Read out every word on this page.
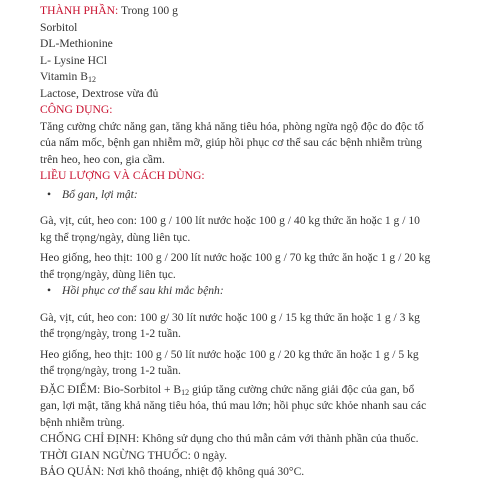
THÀNH PHẦN: Trong 100 g
Sorbitol
DL-Methionine
L- Lysine HCl
Vitamin $B_{12}$
Lactose, Dextrose vừa đủ
CÔNG DỤNG:
Tăng cường chức năng gan, tăng khả năng tiêu hóa, phòng ngừa ngộ độc do độc tố
của nấm mốc, bệnh gan nhiễm mỡ, giúp hồi phục cơ thể sau các bệnh nhiễm trùng
trên heo, heo con, gia cầm.
LIỀU LƯỢNG VÀ CÁCH DÙNG:
• Bổ gan, lợi mật:
Gà, vịt, cút, heo con: 100 g / 100 lít nước hoặc 100 g / 40 kg thức ăn hoặc 1 g / 10
kg thể trọng/ngày, dùng liên tục.
Heo giống, heo thịt: 100 g / 200 lít nước hoặc 100 g / 70 kg thức ăn hoặc 1 g / 20 kg
thể trọng/ngày, dùng liên tục.
• Hồi phục cơ thể sau khi mắc bệnh:
Gà, vịt, cút, heo con: 100 g/ 30 lít nước hoặc 100 g / 15 kg thức ăn hoặc 1 g / 3 kg
thể trọng/ngày, trong 1-2 tuần.
Heo giống, heo thịt: 100 g / 50 lít nước hoặc 100 g / 20 kg thức ăn hoặc 1 g / 5 kg
thể trọng/ngày, trong 1-2 tuần.
ĐẶC ĐIỂM: Bio-Sorbitol + $B_{12}$ giúp tăng cường chức năng giải độc của gan, bổ
gan, lợi mật, tăng khả năng tiêu hóa, thú mau lớn; hồi phục sức khỏe nhanh sau các
bệnh nhiễm trùng.
CHỐNG CHỈ ĐỊNH: Không sử dụng cho thú mẫn cảm với thành phần của thuốc.
THỜI GIAN NGỪNG THUỐC: 0 ngày.
BẢO QUẢN: Nơi khô thoáng, nhiệt độ không quá 30°C.
